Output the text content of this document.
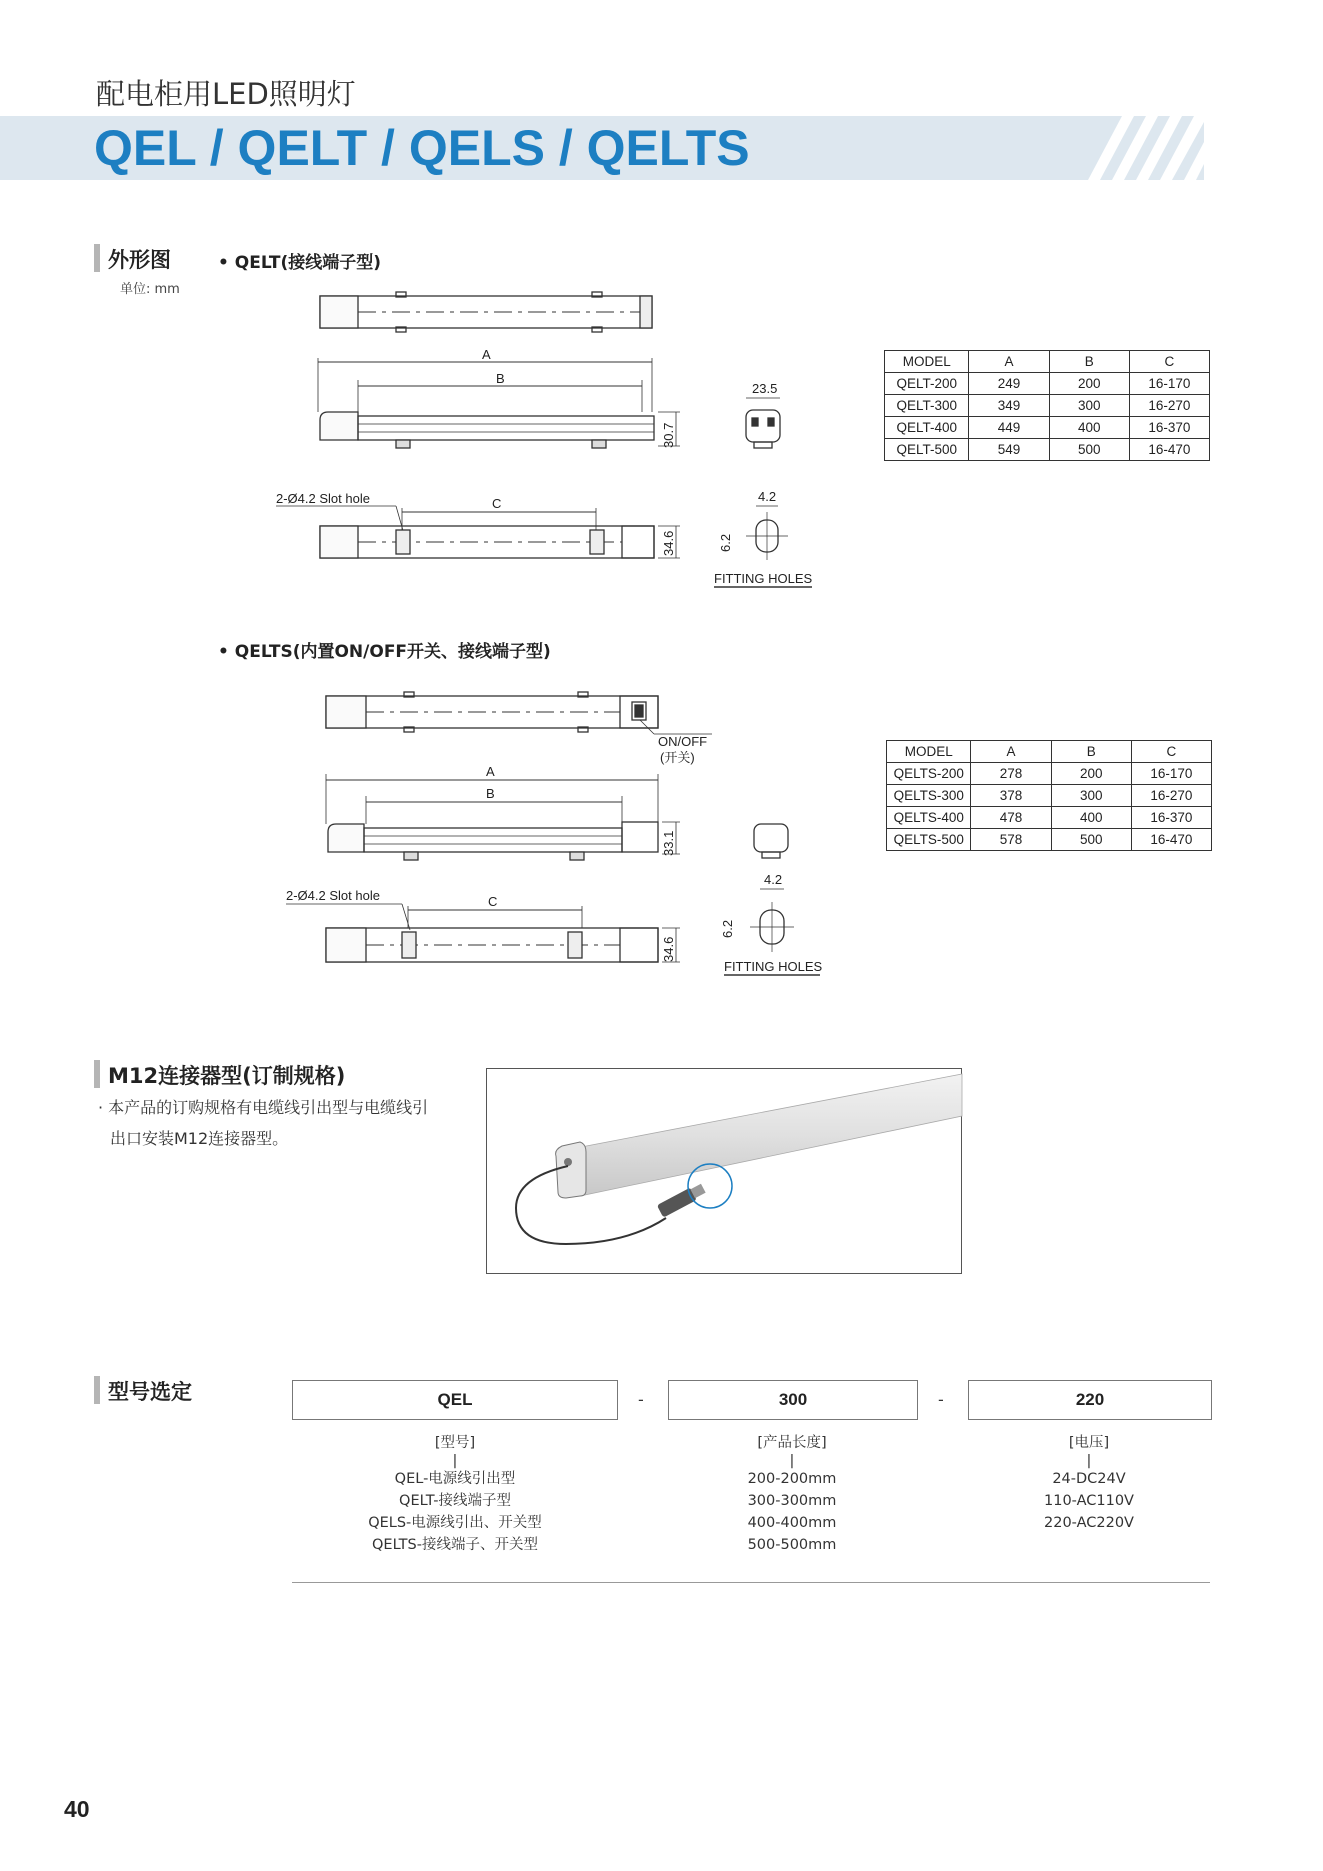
配电柜用LED照明灯
QEL / QELT / QELS / QELTS
外形图
单位: mm
• QELT(接线端子型)
A
B
30.7
23.5
2-Ø4.2 Slot hole	C
34.6
4.2
6.2
FITTING HOLES
MODEL	A	B	C
QELT-200	249	200	16-170
QELT-300	349	300	16-270
QELT-400	449	400	16-370
QELT-500	549	500	16-470
• QELTS(内置ON/OFF开关、接线端子型)
ON/OFF
(开关)
A
B
33.1
2-Ø4.2 Slot hole	C
34.6
4.2
6.2
FITTING HOLES
MODEL	A	B	C
QELTS-200	278	200	16-170
QELTS-300	378	300	16-270
QELTS-400	478	400	16-370
QELTS-500	578	500	16-470
M12连接器型(订制规格)
· 本产品的订购规格有电缆线引出型与电缆线引
出口安装M12连接器型。
型号选定	QEL	-	300	-	220
[型号]
|
QEL-电源线引出型
QELT-接线端子型
QELS-电源线引出、开关型
QELTS-接线端子、开关型
[产品长度]
|
200-200mm
300-300mm
400-400mm
500-500mm
[电压]
|
24-DC24V
110-AC110V
220-AC220V
40
